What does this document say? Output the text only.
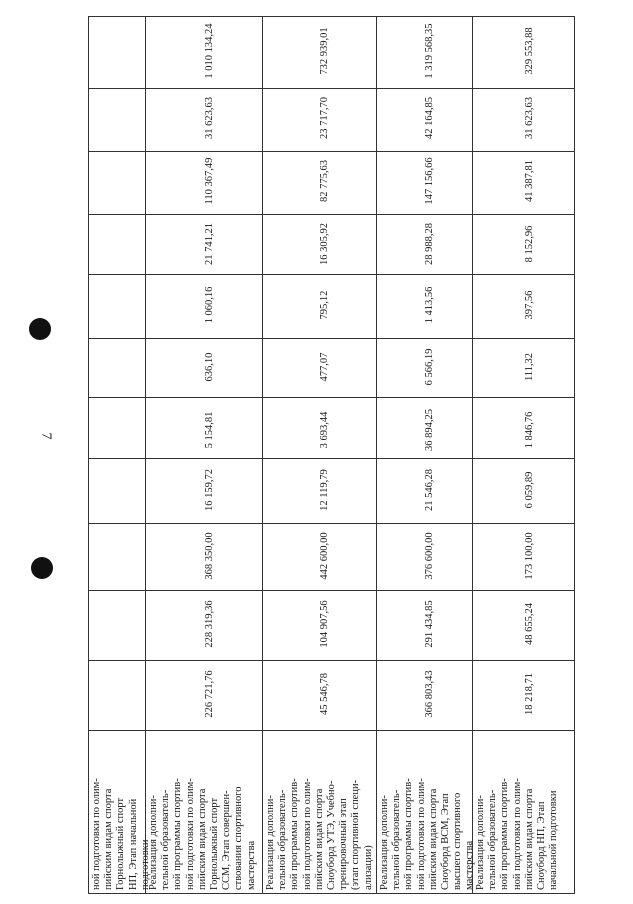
7
ной подготовки по олим- пийским видам спорта Горнолыжный спорт НП, Этап начальной подготовки
Реализация дополни- тельной образователь- ной программы спортив- ной подготовки по олим- пийским видам спорта Горнолыжный спорт ССМ, Этап совершен- ствования спортивного мастерства
226 721,76
228 319,36
368 350,00
16 159,72
5 154,81
636,10
1 060,16
21 741,21
110 367,49
31 623,63
1 010 134,24
Реализация дополни- тельной образователь- ной программы спортив- ной подготовки по олим- пийским видам спорта Сноуборд УТЭ, Учебно- тренировочный этап (этап спортивной специ- ализации)
45 546,78
104 907,56
442 600,00
12 119,79
3 693,44
477,07
795,12
16 305,92
82 775,63
23 717,70
732 939,01
Реализация дополни- тельной образователь- ной программы спортив- ной подготовки по олим- пийским видам спорта Сноуборд ВСМ, Этап высшего спортивного мастерства
366 803,43
291 434,85
376 600,00
21 546,28
36 894,25
6 566,19
1 413,56
28 988,28
147 156,66
42 164,85
1 319 568,35
Реализация дополни- тельной образователь- ной программы спортив- ной подготовки по олим- пийским видам спорта Сноуборд НП, Этап начальной подготовки
18 218,71
48 655,24
173 100,00
6 059,89
1 846,76
111,32
397,56
8 152,96
41 387,81
31 623,63
329 553,88
